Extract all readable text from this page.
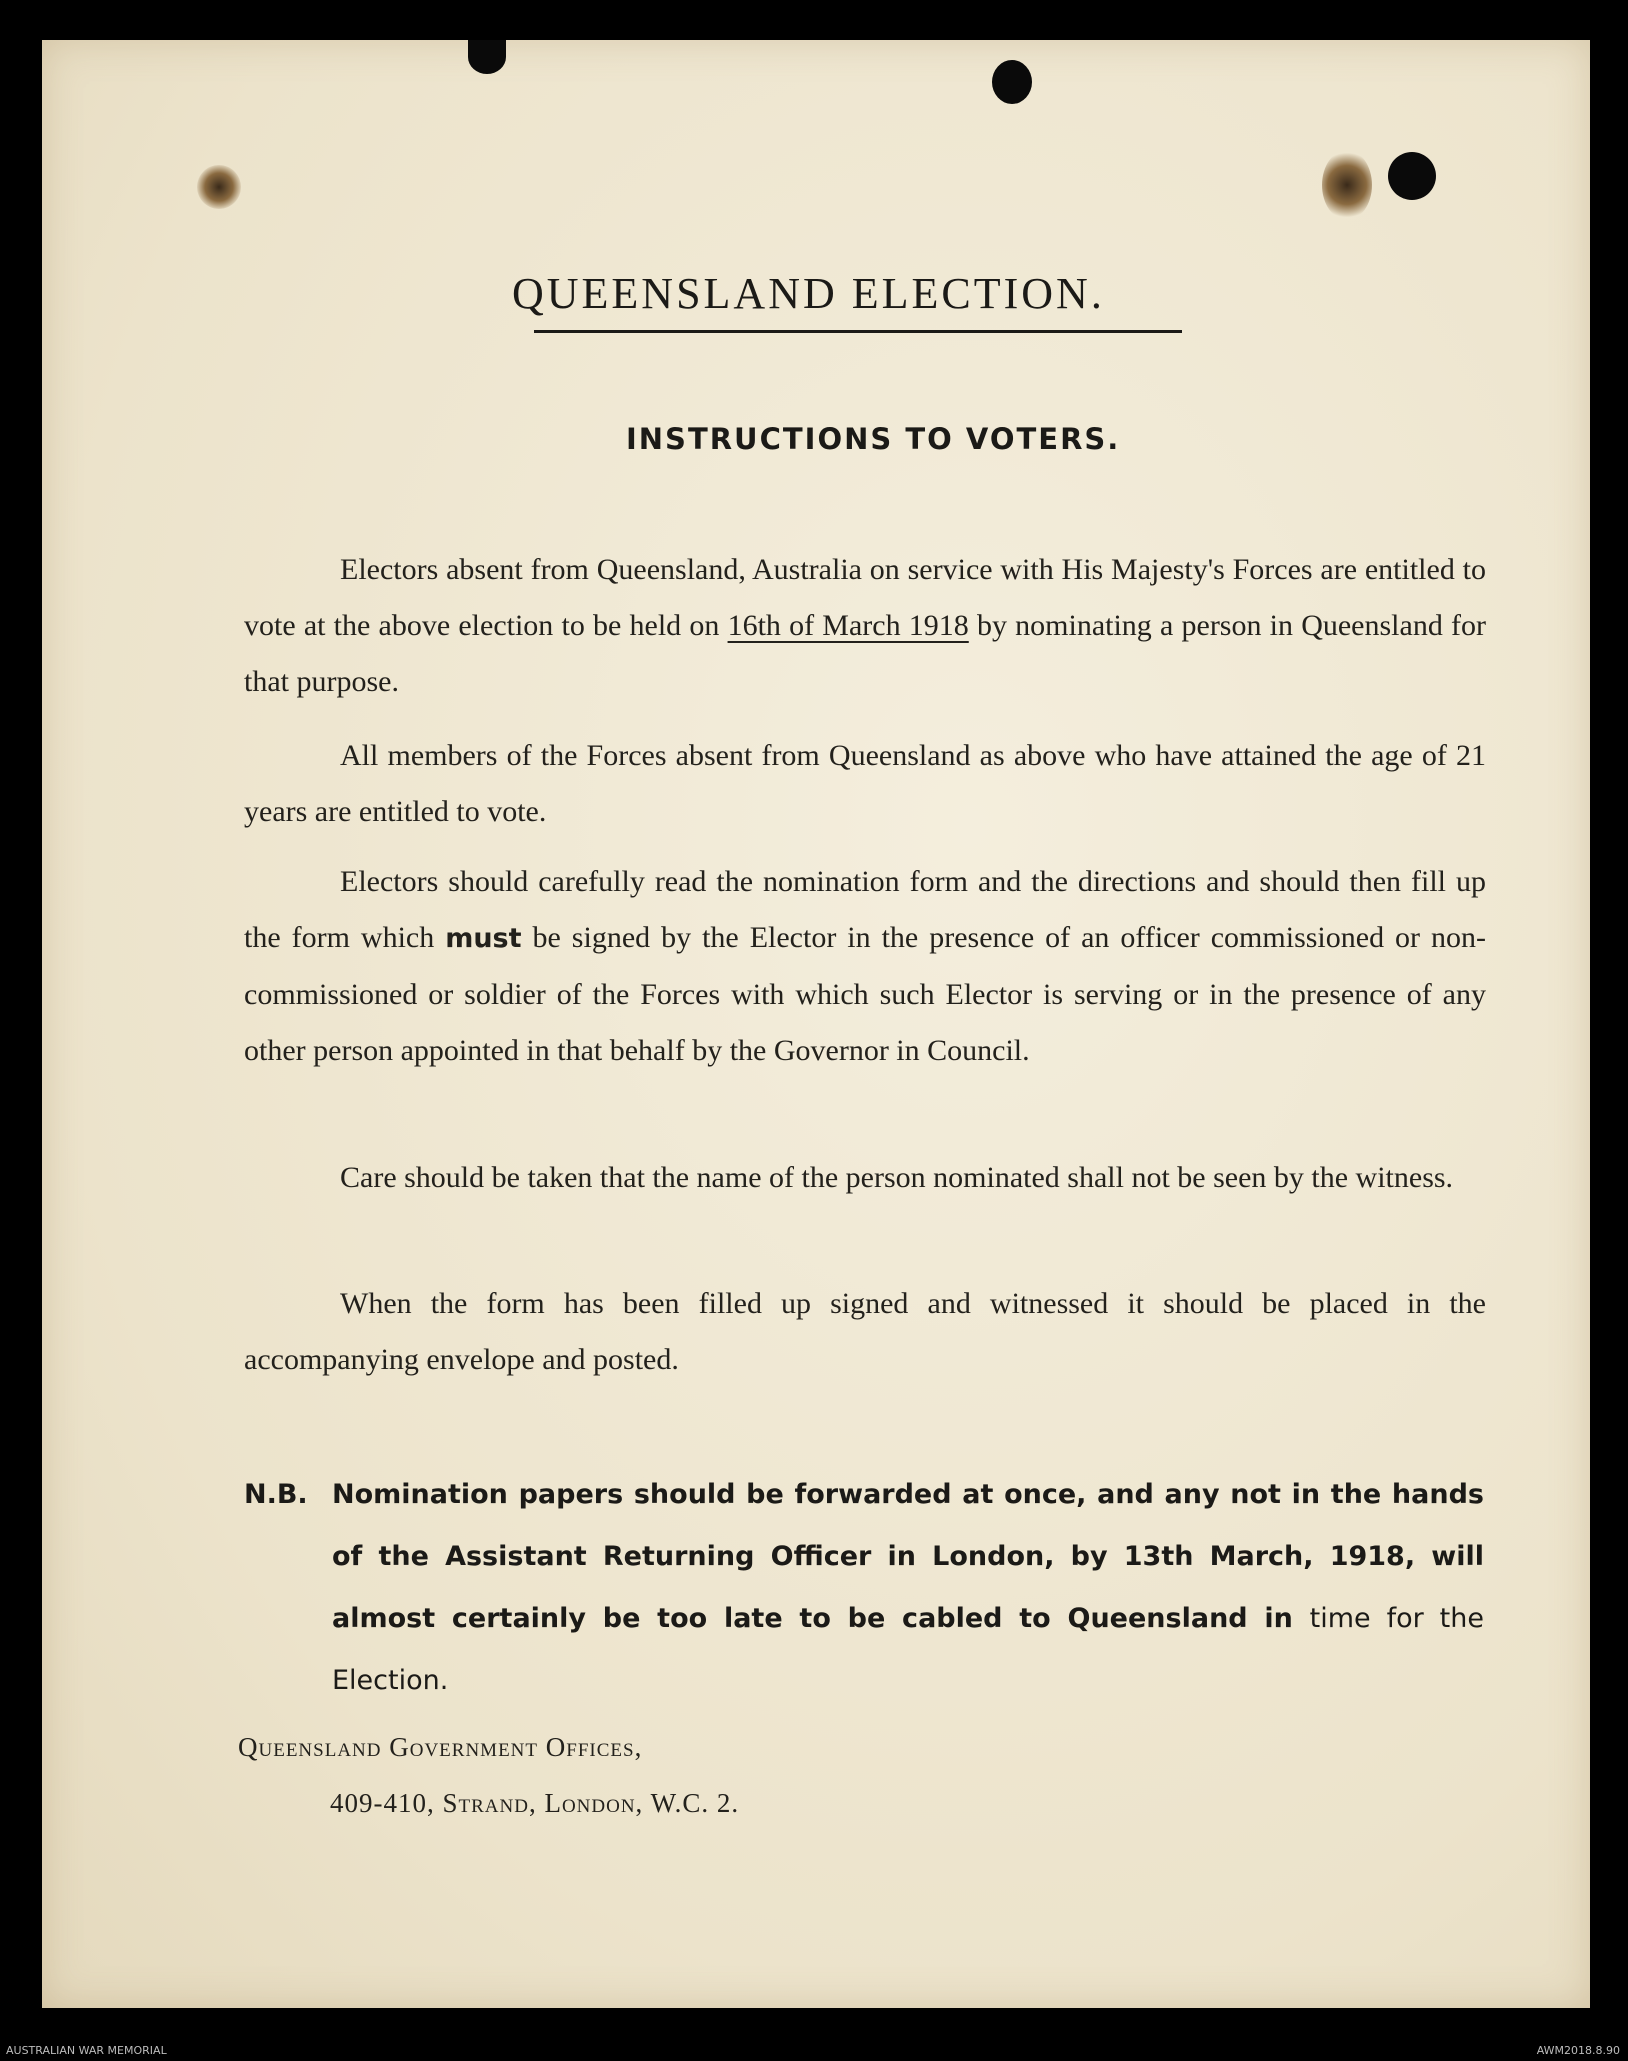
QUEENSLAND ELECTION.
INSTRUCTIONS TO VOTERS.

Electors absent from Queensland, Australia on service with His Majesty's Forces are entitled to vote at the above election to be held on 16th of March 1918 by nominating a person in Queensland for that purpose.

All members of the Forces absent from Queensland as above who have attained the age of 21 years are entitled to vote.

Electors should carefully read the nomination form and the directions and should then fill up the form which must be signed by the Elector in the presence of an officer commissioned or non-commissioned or soldier of the Forces with which such Elector is serving or in the presence of any other person appointed in that behalf by the Governor in Council.

Care should be taken that the name of the person nominated shall not be seen by the witness.

When the form has been filled up signed and witnessed it should be placed in the accompanying envelope and posted.

N.B. Nomination papers should be forwarded at once, and any not in the hands of the Assistant Returning Officer in London, by 13th March, 1918, will almost certainly be too late to be cabled to Queensland in time for the Election.
Queensland Government Offices,
409-410, Strand, London, W.C. 2.
AUSTRALIAN WAR MEMORIAL	AWM2018.8.90
